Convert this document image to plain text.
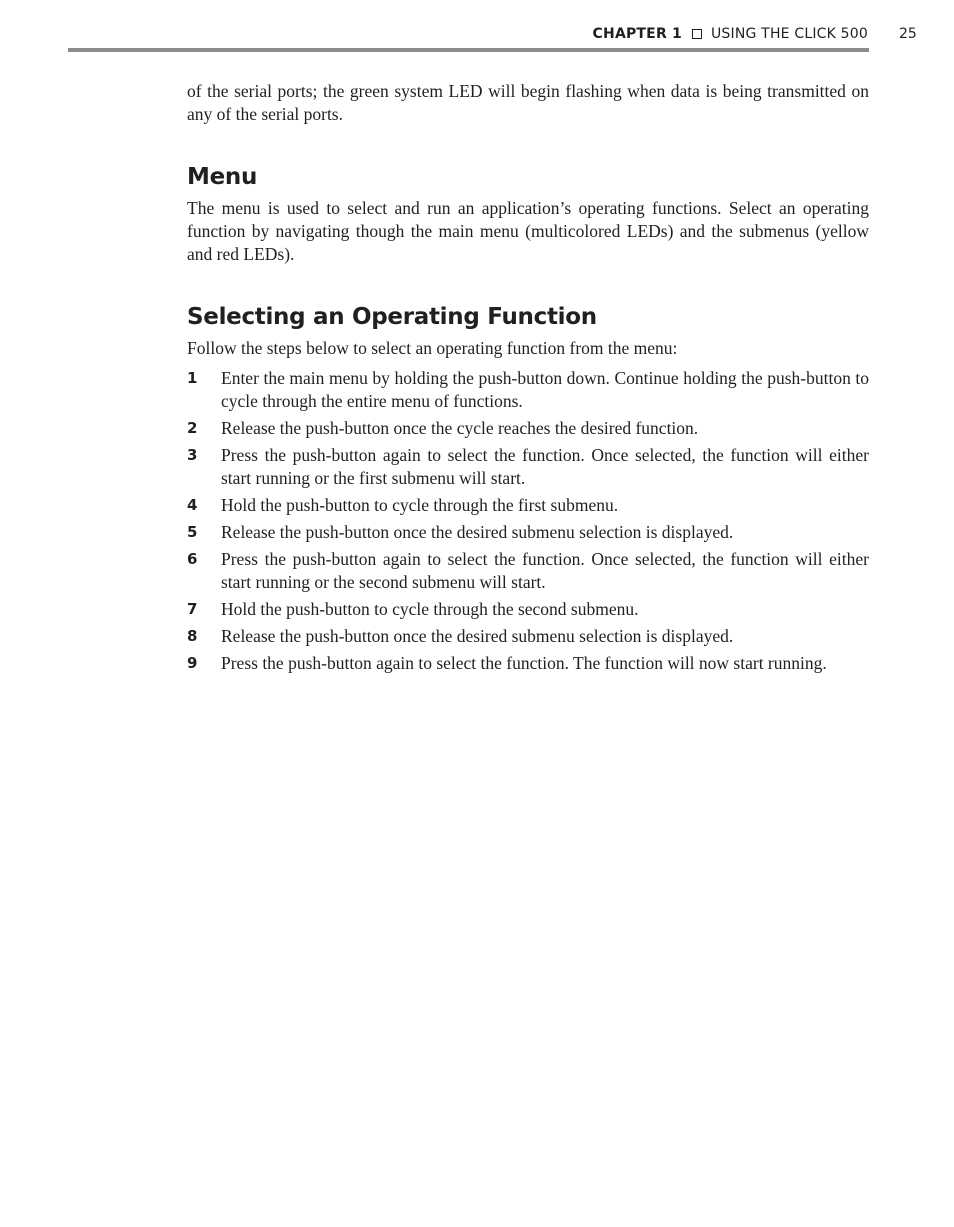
CHAPTER 1 USING THE CLICK 500 25

of the serial ports; the green system LED will begin flashing when data is being transmitted on any of the serial ports.

Menu

The menu is used to select and run an application’s operating functions. Select an operating function by navigating though the main menu (multicolored LEDs) and the submenus (yellow and red LEDs).

Selecting an Operating Function

Follow the steps below to select an operating function from the menu:

1 Enter the main menu by holding the push-button down. Continue holding the push-button to cycle through the entire menu of functions.
2 Release the push-button once the cycle reaches the desired function.
3 Press the push-button again to select the function. Once selected, the function will either start running or the first submenu will start.
4 Hold the push-button to cycle through the first submenu.
5 Release the push-button once the desired submenu selection is displayed.
6 Press the push-button again to select the function. Once selected, the function will either start running or the second submenu will start.
7 Hold the push-button to cycle through the second submenu.
8 Release the push-button once the desired submenu selection is displayed.
9 Press the push-button again to select the function. The function will now start running.
